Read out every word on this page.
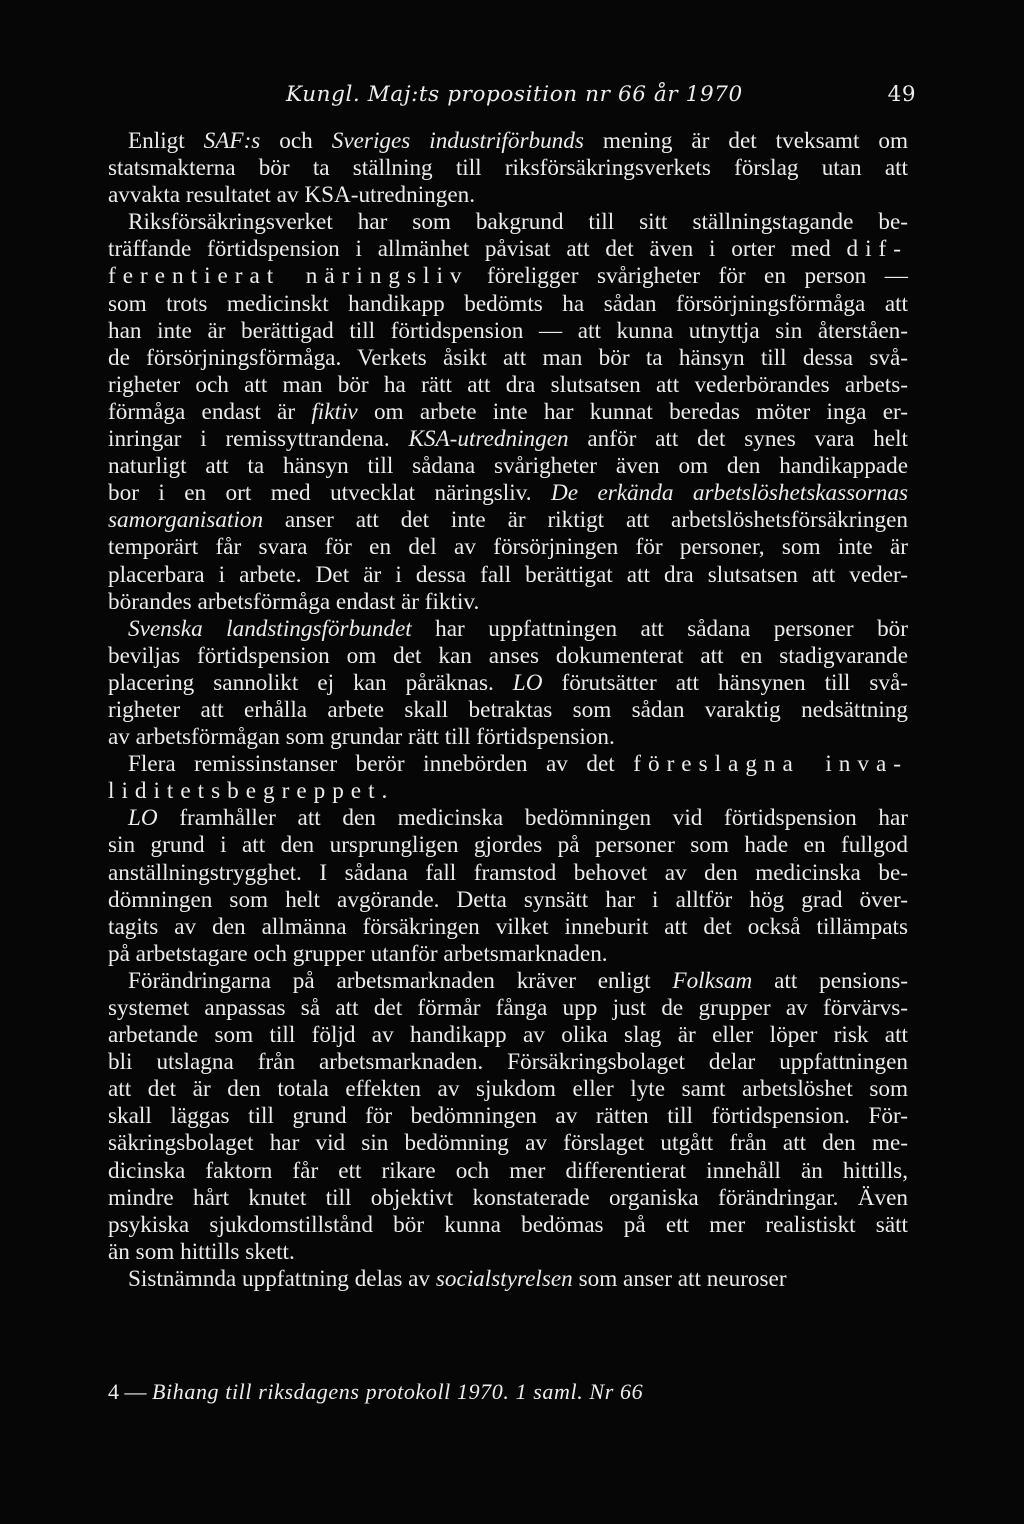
Kungl. Maj:ts proposition nr 66 år 1970	49
Enligt SAF:s och Sveriges industriförbunds mening är det tveksamt om
statsmakterna bör ta ställning till riksförsäkringsverkets förslag utan att
avvakta resultatet av KSA-utredningen.
Riksförsäkringsverket har som bakgrund till sitt ställningstagande be-
träffande förtidspension i allmänhet påvisat att det även i orter med dif-
ferentierat näringsliv föreligger svårigheter för en person —
som trots medicinskt handikapp bedömts ha sådan försörjningsförmåga att
han inte är berättigad till förtidspension — att kunna utnyttja sin återståen-
de försörjningsförmåga. Verkets åsikt att man bör ta hänsyn till dessa svå-
righeter och att man bör ha rätt att dra slutsatsen att vederbörandes arbets-
förmåga endast är fiktiv om arbete inte har kunnat beredas möter inga er-
inringar i remissyttrandena. KSA-utredningen anför att det synes vara helt
naturligt att ta hänsyn till sådana svårigheter även om den handikappade
bor i en ort med utvecklat näringsliv. De erkända arbetslöshetskassornas
samorganisation anser att det inte är riktigt att arbetslöshetsförsäkringen
temporärt får svara för en del av försörjningen för personer, som inte är
placerbara i arbete. Det är i dessa fall berättigat att dra slutsatsen att veder-
börandes arbetsförmåga endast är fiktiv.
Svenska landstingsförbundet har uppfattningen att sådana personer bör
beviljas förtidspension om det kan anses dokumenterat att en stadigvarande
placering sannolikt ej kan påräknas. LO förutsätter att hänsynen till svå-
righeter att erhålla arbete skall betraktas som sådan varaktig nedsättning
av arbetsförmågan som grundar rätt till förtidspension.
Flera remissinstanser berör innebörden av det föreslagna inva-
liditetsbegreppet.
LO framhåller att den medicinska bedömningen vid förtidspension har
sin grund i att den ursprungligen gjordes på personer som hade en fullgod
anställningstrygghet. I sådana fall framstod behovet av den medicinska be-
dömningen som helt avgörande. Detta synsätt har i alltför hög grad över-
tagits av den allmänna försäkringen vilket inneburit att det också tillämpats
på arbetstagare och grupper utanför arbetsmarknaden.
Förändringarna på arbetsmarknaden kräver enligt Folksam att pensions-
systemet anpassas så att det förmår fånga upp just de grupper av förvärvs-
arbetande som till följd av handikapp av olika slag är eller löper risk att
bli utslagna från arbetsmarknaden. Försäkringsbolaget delar uppfattningen
att det är den totala effekten av sjukdom eller lyte samt arbetslöshet som
skall läggas till grund för bedömningen av rätten till förtidspension. För-
säkringsbolaget har vid sin bedömning av förslaget utgått från att den me-
dicinska faktorn får ett rikare och mer differentierat innehåll än hittills,
mindre hårt knutet till objektivt konstaterade organiska förändringar. Även
psykiska sjukdomstillstånd bör kunna bedömas på ett mer realistiskt sätt
än som hittills skett.
Sistnämnda uppfattning delas av socialstyrelsen som anser att neuroser
4 — Bihang till riksdagens protokoll 1970. 1 saml. Nr 66
